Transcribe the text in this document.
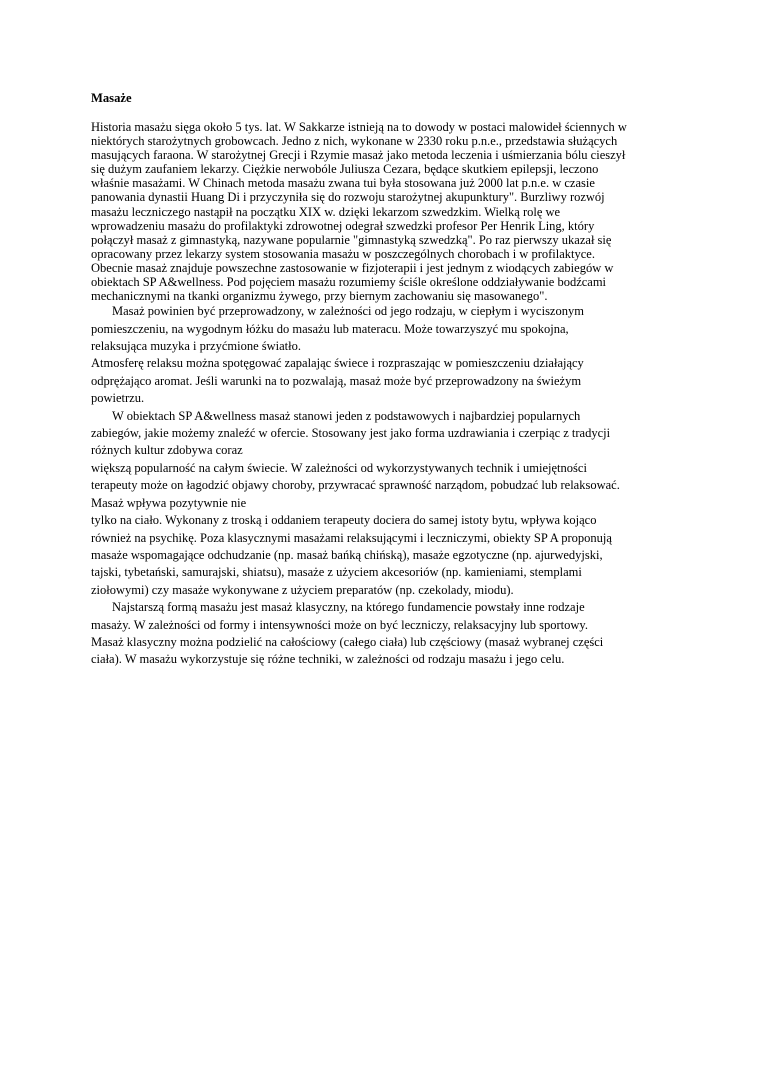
Masaże
Historia masażu sięga około 5 tys. lat. W Sakkarze istnieją na to dowody w postaci malowideł ściennych w
niektórych starożytnych grobowcach. Jedno z nich, wykonane w 2330 roku p.n.e., przedstawia służących
masujących faraona. W starożytnej Grecji i Rzymie masaż jako metoda leczenia i uśmierzania bólu cieszył
się dużym zaufaniem lekarzy. Ciężkie nerwobóle Juliusza Cezara, będące skutkiem epilepsji, leczono
właśnie masażami. W Chinach metoda masażu zwana tui była stosowana już 2000 lat p.n.e. w czasie
panowania dynastii Huang Di i przyczyniła się do rozwoju starożytnej akupunktury". Burzliwy rozwój
masażu leczniczego nastąpił na początku XIX w. dzięki lekarzom szwedzkim. Wielką rolę we
wprowadzeniu masażu do profilaktyki zdrowotnej odegrał szwedzki profesor Per Henrik Ling, który
połączył masaż z gimnastyką, nazywane popularnie "gimnastyką szwedzką". Po raz pierwszy ukazał się
opracowany przez lekarzy system stosowania masażu w poszczególnych chorobach i w profilaktyce.
Obecnie masaż znajduje powszechne zastosowanie w fizjoterapii i jest jednym z wiodących zabiegów w
obiektach SP A&wellness. Pod pojęciem masażu rozumiemy ściśle określone oddziaływanie bodźcami
mechanicznymi na tkanki organizmu żywego, przy biernym zachowaniu się masowanego".
Masaż powinien być przeprowadzony, w zależności od jego rodzaju, w ciepłym i wyciszonym
pomieszczeniu, na wygodnym łóżku do masażu lub materacu. Może towarzyszyć mu spokojna,
relaksująca muzyka i przyćmione światło.
Atmosferę relaksu można spotęgować zapalając świece i rozpraszając w pomieszczeniu działający
odprężająco aromat. Jeśli warunki na to pozwalają, masaż może być przeprowadzony na świeżym
powietrzu.
W obiektach SP A&wellness masaż stanowi jeden z podstawowych i najbardziej popularnych
zabiegów, jakie możemy znaleźć w ofercie. Stosowany jest jako forma uzdrawiania i czerpiąc z tradycji
różnych kultur zdobywa coraz
większą popularność na całym świecie. W zależności od wykorzystywanych technik i umiejętności
terapeuty może on łagodzić objawy choroby, przywracać sprawność narządom, pobudzać lub relaksować.
Masaż wpływa pozytywnie nie
tylko na ciało. Wykonany z troską i oddaniem terapeuty dociera do samej istoty bytu, wpływa kojąco
również na psychikę. Poza klasycznymi masażami relaksującymi i leczniczymi, obiekty SP A proponują
masaże wspomagające odchudzanie (np. masaż bańką chińską), masaże egzotyczne (np. ajurwedyjski,
tajski, tybetański, samurajski, shiatsu), masaże z użyciem akcesoriów (np. kamieniami, stemplami
ziołowymi) czy masaże wykonywane z użyciem preparatów (np. czekolady, miodu).
Najstarszą formą masażu jest masaż klasyczny, na którego fundamencie powstały inne rodzaje
masaży. W zależności od formy i intensywności może on być leczniczy, relaksacyjny lub sportowy.
Masaż klasyczny można podzielić na całościowy (całego ciała) lub częściowy (masaż wybranej części
ciała). W masażu wykorzystuje się różne techniki, w zależności od rodzaju masażu i jego celu.
